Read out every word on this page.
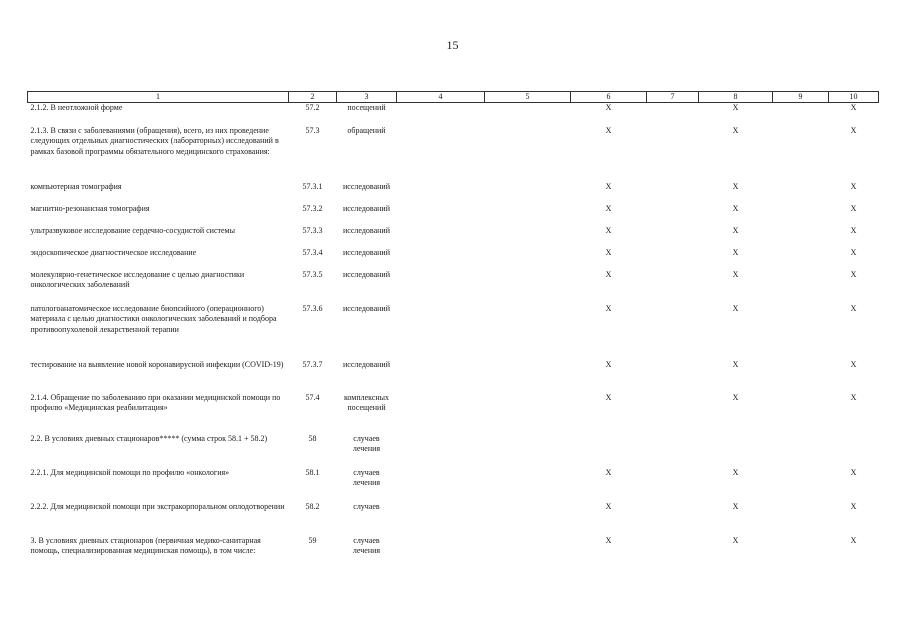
15
1	2	3	4	5	6	7	8	9	10
2.1.2. В неотложной форме	57.2	посещений			X		X		X
2.1.3. В связи с заболеваниями (обращения), всего, из них проведение следующих отдельных диагностических (лабораторных) исследований в рамках базовой программы обязательного медицинского страхования:	57.3	обращений			X		X		X
компьютерная томография	57.3.1	исследований			X		X		X
магнитно-резонансная томография	57.3.2	исследований			X		X		X
ультразвуковое исследование сердечно-сосудистой системы	57.3.3	исследований			X		X		X
эндоскопическое диагностическое исследование	57.3.4	исследований			X		X		X
молекулярно-генетическое исследование с целью диагностики онкологических заболеваний	57.3.5	исследований			X		X		X
патологоанатомическое исследование биопсийного (операционного) материала с целью диагностики онкологических заболеваний и подбора противоопухолевой лекарственной терапии	57.3.6	исследований			X		X		X
тестирование на выявление новой коронавирусной инфекции (COVID-19)	57.3.7	исследований			X		X		X
2.1.4. Обращение по заболеванию при оказании медицинской помощи по профилю «Медицинская реабилитация»	57.4	комплексных посещений			X		X		X
2.2. В условиях дневных стационаров***** (сумма строк 58.1 + 58.2)	58	случаев лечения							
2.2.1. Для медицинской помощи по профилю «онкология»	58.1	случаев лечения			X		X		X
2.2.2. Для медицинской помощи при экстракорпоральном оплодотворении	58.2	случаев			X		X		X
3. В условиях дневных стационаров (первичная медико-санитарная помощь, специализированная медицинская помощь), в том числе:	59	случаев лечения			X		X		X
